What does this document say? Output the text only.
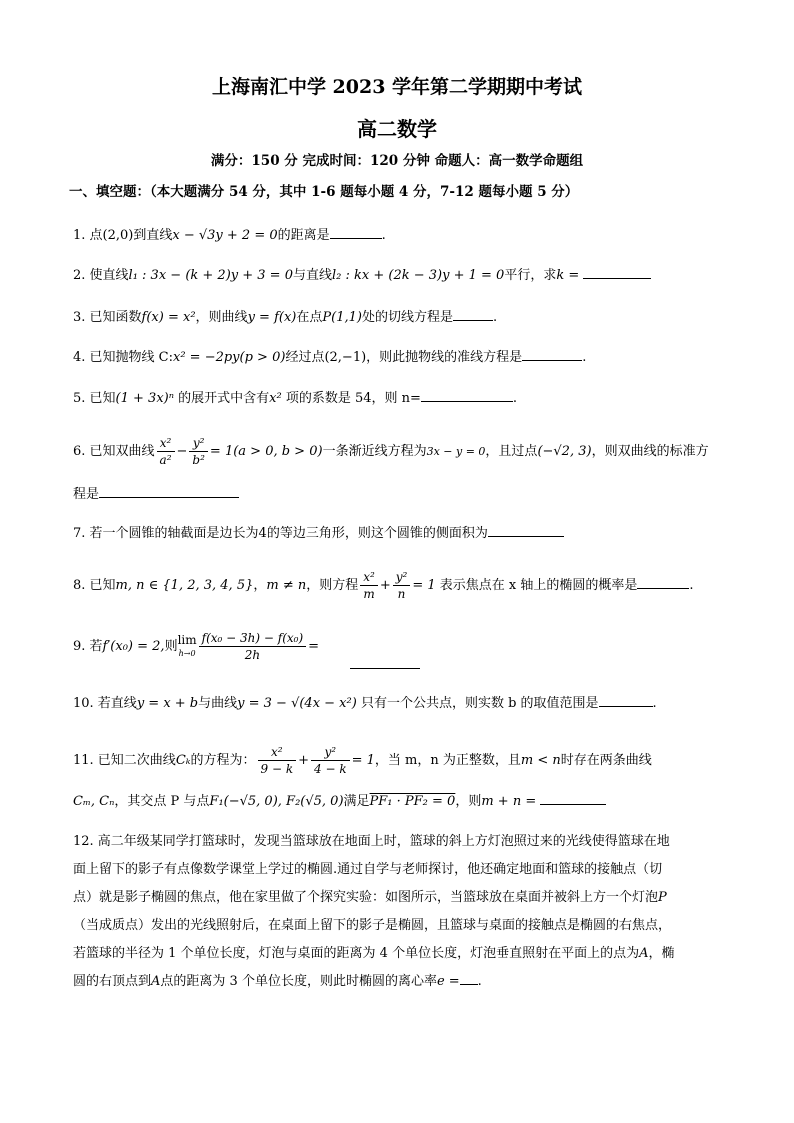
上海南汇中学 2023 学年第二学期期中考试
高二数学
满分：150 分 完成时间：120 分钟 命题人：高一数学命题组
一、填空题：（本大题满分 54 分，其中 1-6 题每小题 4 分，7-12 题每小题 5 分）
1. 点(2,0)到直线x − √3y + 2 = 0的距离是	.
2. 使直线l₁ : 3x − (k + 2)y + 3 = 0与直线l₂ : kx + (2k − 3)y + 1 = 0平行，求k =
3. 已知函数f(x) = x²，则曲线y = f(x)在点P(1,1)处的切线方程是	.
4. 已知抛物线 C:x² = −2py(p > 0)经过点(2,−1)，则此抛物线的准线方程是	.
5. 已知(1 + 3x)ⁿ 的展开式中含有x² 项的系数是 54，则 n=	.
6. 已知双曲线 $\frac{\text{x²}}{\text{a²}} - \frac{\text{y²}}{\text{b²}} = 1(a > 0$, b > 0)一条渐近线方程为3x − y = 0，且过点(−√2, 3)，则双曲线的标准方
程是
7. 若一个圆锥的轴截面是边长为4的等边三角形，则这个圆锥的侧面积为
8. 已知m, n ∈ {1, 2, 3, 4, 5}，m ≠ n，则方程 $\frac{\text{x²}}{m} + \frac{\text{y²}}{n} = 1$ 表示焦点在 x 轴上的椭圆的概率是	.
9. 若f′(x₀) = 2,则lim
$h\to 0 \frac{\text{f(x₀ − 3h) − f(x₀)}}{2h}$ =
10. 若直线y = x + b与曲线y = 3 − √(4x − x²) 只有一个公共点，则实数 b 的取值范围是	.
11. 已知二次曲线Cₖ的方程为： $\frac{\text{x²}}{9 - k} + \frac{\text{y²}}{4 - k} = 1$，当 m，n 为正整数，且m < n时存在两条曲线
Cₘ, Cₙ，其交点 P 与点F₁(−√5, 0), F₂(√5, 0)满足PF₁ · PF₂ = 0，则m + n =
12. 高二年级某同学打篮球时，发现当篮球放在地面上时，篮球的斜上方灯泡照过来的光线使得篮球在地
面上留下的影子有点像数学课堂上学过的椭圆.通过自学与老师探讨，他还确定地面和篮球的接触点（切
点）就是影子椭圆的焦点，他在家里做了个探究实验：如图所示，当篮球放在桌面并被斜上方一个灯泡P
（当成质点）发出的光线照射后，在桌面上留下的影子是椭圆，且篮球与桌面的接触点是椭圆的右焦点，
若篮球的半径为 1 个单位长度，灯泡与桌面的距离为 4 个单位长度，灯泡垂直照射在平面上的点为A，椭
圆的右顶点到A点的距离为 3 个单位长度，则此时椭圆的离心率e = .
